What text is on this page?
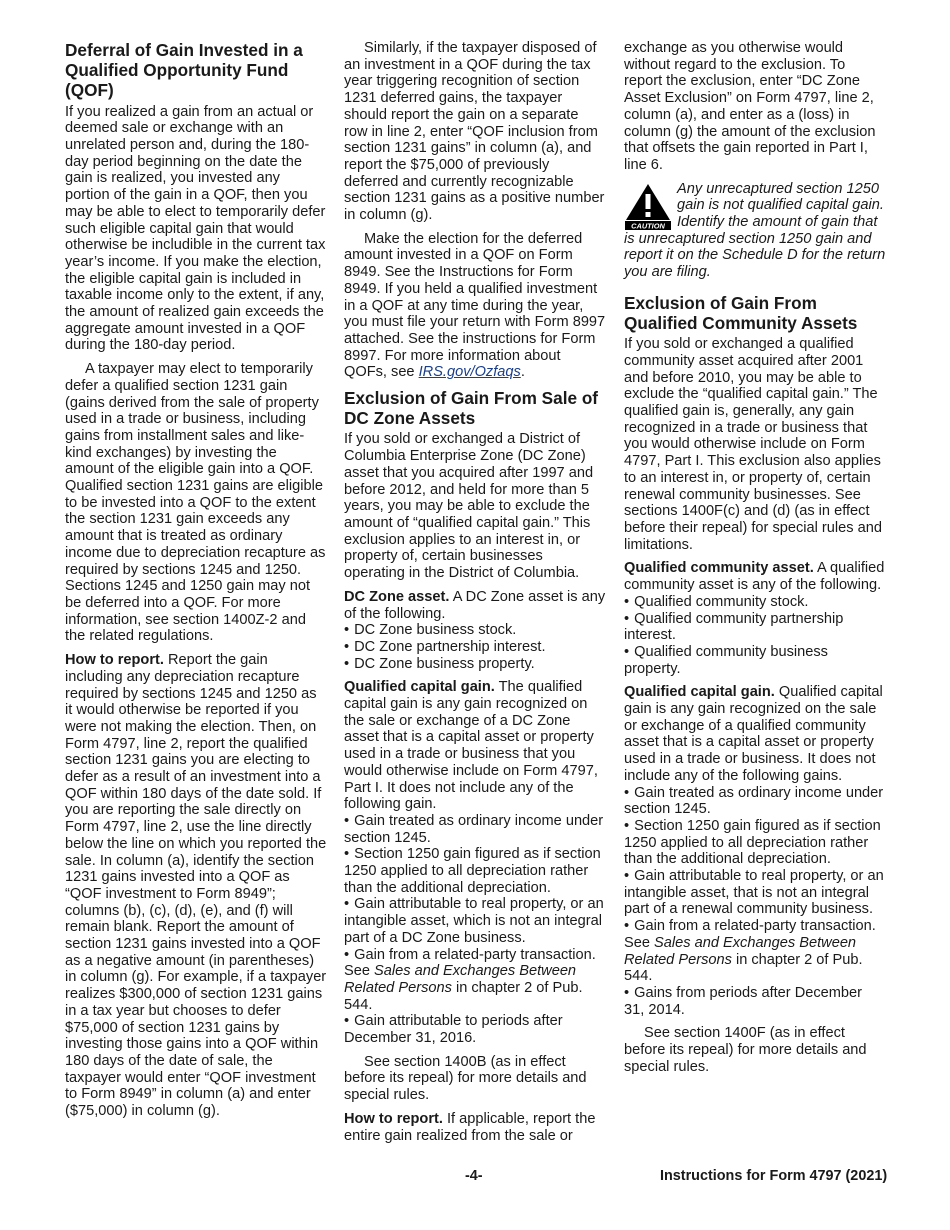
Deferral of Gain Invested in a Qualified Opportunity Fund (QOF)

If you realized a gain from an actual or deemed sale or exchange with an unrelated person and, during the 180-day period beginning on the date the gain is realized, you invested any portion of the gain in a QOF, then you may be able to elect to temporarily defer such eligible capital gain that would otherwise be includible in the current tax year’s income. If you make the election, the eligible capital gain is included in taxable income only to the extent, if any, the amount of realized gain exceeds the aggregate amount invested in a QOF during the 180-day period.

A taxpayer may elect to temporarily defer a qualified section 1231 gain (gains derived from the sale of property used in a trade or business, including gains from installment sales and like-kind exchanges) by investing the amount of the eligible gain into a QOF. Qualified section 1231 gains are eligible to be invested into a QOF to the extent the section 1231 gain exceeds any amount that is treated as ordinary income due to depreciation recapture as required by sections 1245 and 1250. Sections 1245 and 1250 gain may not be deferred into a QOF. For more information, see section 1400Z-2 and the related regulations.

How to report. Report the gain including any depreciation recapture required by sections 1245 and 1250 as it would otherwise be reported if you were not making the election. Then, on Form 4797, line 2, report the qualified section 1231 gains you are electing to defer as a result of an investment into a QOF within 180 days of the date sold. If you are reporting the sale directly on Form 4797, line 2, use the line directly below the line on which you reported the sale. In column (a), identify the section 1231 gains invested into a QOF as “QOF investment to Form 8949”; columns (b), (c), (d), (e), and (f) will remain blank. Report the amount of section 1231 gains invested into a QOF as a negative amount (in parentheses) in column (g). For example, if a taxpayer realizes $300,000 of section 1231 gains in a tax year but chooses to defer $75,000 of section 1231 gains by investing those gains into a QOF within 180 days of the date of sale, the taxpayer would enter “QOF investment to Form 8949” in column (a) and enter ($75,000) in column (g).

Similarly, if the taxpayer disposed of an investment in a QOF during the tax year triggering recognition of section 1231 deferred gains, the taxpayer should report the gain on a separate row in line 2, enter “QOF inclusion from section 1231 gains” in column (a), and report the $75,000 of previously deferred and currently recognizable section 1231 gains as a positive number in column (g).

Make the election for the deferred amount invested in a QOF on Form 8949. See the Instructions for Form 8949. If you held a qualified investment in a QOF at any time during the year, you must file your return with Form 8997 attached. See the instructions for Form 8997. For more information about QOFs, see IRS.gov/Ozfaqs.

Exclusion of Gain From Sale of DC Zone Assets

If you sold or exchanged a District of Columbia Enterprise Zone (DC Zone) asset that you acquired after 1997 and before 2012, and held for more than 5 years, you may be able to exclude the amount of “qualified capital gain.” This exclusion applies to an interest in, or property of, certain businesses operating in the District of Columbia.

DC Zone asset. A DC Zone asset is any of the following.

• DC Zone business stock.
• DC Zone partnership interest.
• DC Zone business property.

Qualified capital gain. The qualified capital gain is any gain recognized on the sale or exchange of a DC Zone asset that is a capital asset or property used in a trade or business that you would otherwise include on Form 4797, Part I. It does not include any of the following gain.

• Gain treated as ordinary income under section 1245.
• Section 1250 gain figured as if section 1250 applied to all depreciation rather than the additional depreciation.
• Gain attributable to real property, or an intangible asset, which is not an integral part of a DC Zone business.
• Gain from a related-party transaction. See Sales and Exchanges Between Related Persons in chapter 2 of Pub. 544.
• Gain attributable to periods after December 31, 2016.

See section 1400B (as in effect before its repeal) for more details and special rules.

How to report. If applicable, report the entire gain realized from the sale or

exchange as you otherwise would without regard to the exclusion. To report the exclusion, enter “DC Zone Asset Exclusion” on Form 4797, line 2, column (a), and enter as a (loss) in column (g) the amount of the exclusion that offsets the gain reported in Part I, line 6.

CAUTION
Any unrecaptured section 1250 gain is not qualified capital gain. Identify the amount of gain that is unrecaptured section 1250 gain and report it on the Schedule D for the return you are filing.
Exclusion of Gain From Qualified Community Assets

If you sold or exchanged a qualified community asset acquired after 2001 and before 2010, you may be able to exclude the “qualified capital gain.” The qualified gain is, generally, any gain recognized in a trade or business that you would otherwise include on Form 4797, Part I. This exclusion also applies to an interest in, or property of, certain renewal community businesses. See sections 1400F(c) and (d) (as in effect before their repeal) for special rules and limitations.

Qualified community asset. A qualified community asset is any of the following.

• Qualified community stock.
• Qualified community partnership interest.
• Qualified community business property.

Qualified capital gain. Qualified capital gain is any gain recognized on the sale or exchange of a qualified community asset that is a capital asset or property used in a trade or business. It does not include any of the following gains.

• Gain treated as ordinary income under section 1245.
• Section 1250 gain figured as if section 1250 applied to all depreciation rather than the additional depreciation.
• Gain attributable to real property, or an intangible asset, that is not an integral part of a renewal community business.
• Gain from a related-party transaction. See Sales and Exchanges Between Related Persons in chapter 2 of Pub. 544.
• Gains from periods after December 31, 2014.

See section 1400F (as in effect before its repeal) for more details and special rules.

-4-	Instructions for Form 4797 (2021)
